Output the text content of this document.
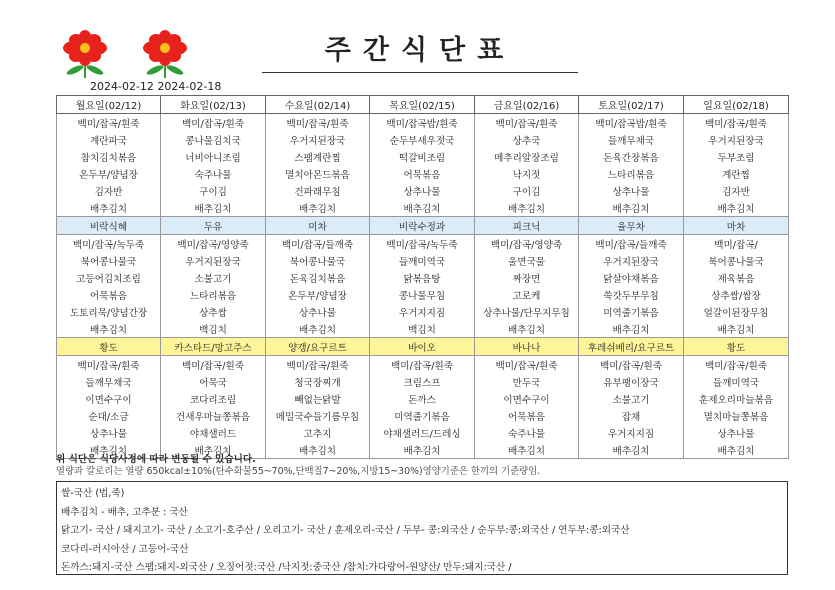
주간식단표
2024-02-12 2024-02-18
월요일(02/12)	화요일(02/13)	수요일(02/14)	목요일(02/15)	금요일(02/16)	토요일(02/17)	일요일(02/18)
백미/잡곡/흰죽	백미/잡곡/흰죽	백미/잡곡/흰죽	백미/잡곡밥/흰죽	백미/잡곡/흰죽	백미/잡곡밥/흰죽	백미/잡곡/흰죽
계란파국	콩나물김치국	우거지된장국	순두부새우젓국	상추국	들깨무채국	우거지된장국
참치김치볶음	너비아니조림	스팸계란찜	떡갈비조림	메추리알장조림	돈육간장볶음	두부조림
온두부/양념장	숙주나물	멸치아몬드볶음	어묵볶음	낙지젓	느타리볶음	계란찜
김자반	구이김	건파래무침	상추나물	구이김	상추나물	김자반
배추김치	배추김치	배추김치	배추김치	배추김치	배추김치	배추김치
비락식혜	두유	미차	비락수정과	피크닉	율무차	마차
백미/잡곡/녹두죽	백미/잡곡/영양죽	백미/잡곡/들깨죽	백미/잡곡/녹두죽	백미/잡곡/영양죽	백미/잡곡/들깨죽	백미/잡곡/
북어콩나물국	우거지된장국	북어콩나물국	들깨미역국	울면국물	우거지된장국	북어콩나물국
고등어김치조림	소불고기	돈육김치볶음	닭볶음탕	짜장면	닭살야채볶음	제육볶음
어묵볶음	느타리볶음	온두부/양념장	콩나물무침	고로케	쑥갓두부무침	상추쌈/쌈장
도토리묵/양념간장	상추쌈	상추나물	우거지지짐	상추나물/단무지무침	미역줄기볶음	얼갈이된장무침
배추김치	백김치	배추김치	백김치	배추김치	배추김치	배추김치
황도	카스타드/망고주스	양갱/요구르트	바이오	바나나	후레쉬베리/요구르트	황도
백미/잡곡/흰죽	백미/잡곡/흰죽	백미/잡곡/흰죽	백미/잡곡/흰죽	백미/잡곡/흰죽	백미/잡곡/흰죽	백미/잡곡/흰죽
들깨무채국	어묵국	청국장찌개	크림스프	만두국	유부팽이장국	들깨미역국
이면수구이	코다리조림	빼없는닭발	돈까스	이면수구이	소불고기	훈제오리마늘볶음
순대/소금	건새우마늘쫑볶음	메밀국수들기름무침	미역줄기볶음	어묵볶음	잡채	멸치마늘쫑볶음
상추나물	야채샐러드	고추지	야채샐러드/드레싱	숙주나물	우거지지짐	상추나물
배추김치	배추김치	배추김치	배추김치	배추김치	배추김치	배추김치
위 식단은 식당사정에 따라 변동될 수 있습니다.
열량과 칼로리는 열량 650kcal±10%(탄수화물55~70%,단백질7~20%,지방15~30%)영양기준은 한끼의 기준량임.
쌀-국산 (법,죽)
배추김치 - 배추, 고추분 : 국산
닭고기- 국산 / 돼지고기- 국산 / 소고기-호주산 / 오리고기- 국산 / 훈제오리-국산 / 두부- 콩:외국산 / 순두부:콩:외국산 / 연두부:콩:외국산
코다리-러시아산 / 고등어-국산
돈까스:돼지-국산 스팸:돼지-외국산 / 오징어젓:국산 /낙지젓:중국산 /참치:가다랑어-원양산/ 만두:돼지:국산 /
